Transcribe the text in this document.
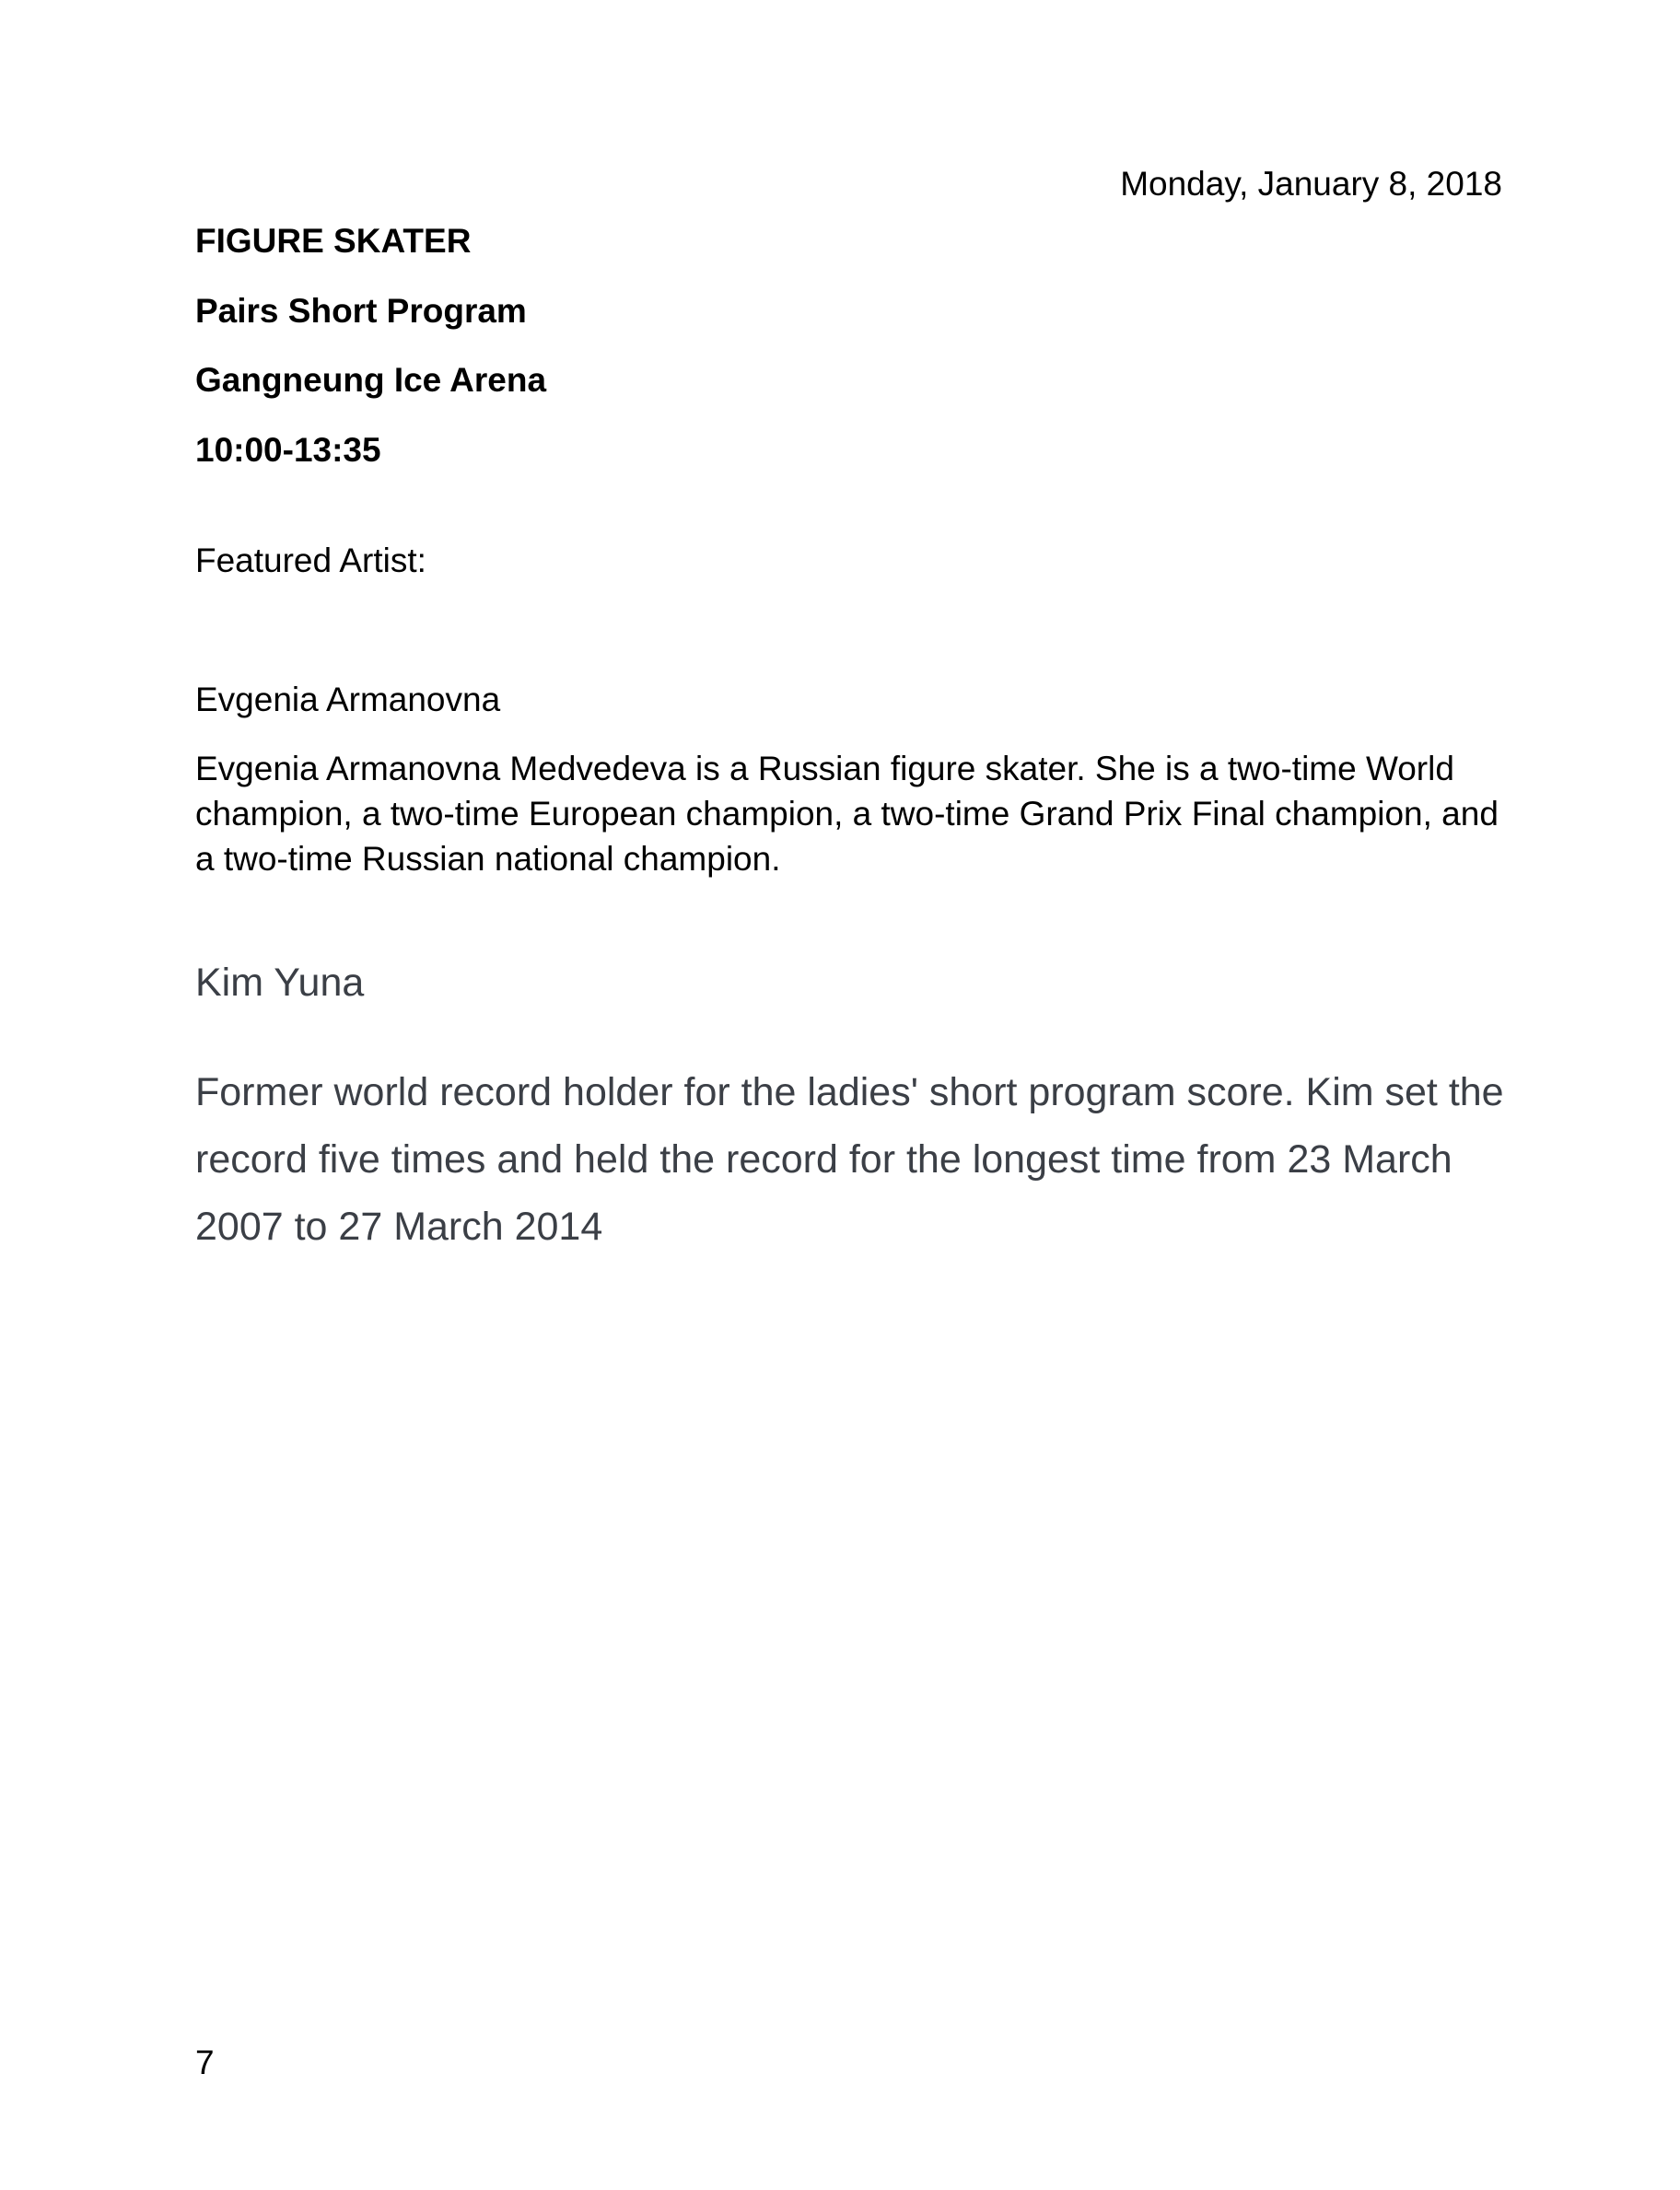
Monday, January 8, 2018
FIGURE SKATER
Pairs Short Program
Gangneung Ice Arena
10:00-13:35
Featured Artist:
Evgenia Armanovna
Evgenia Armanovna Medvedeva is a Russian figure skater. She is a two-time World champion, a two-time European champion, a two-time Grand Prix Final champion, and a two-time Russian national champion.
Kim Yuna
Former world record holder for the ladies' short program score. Kim set the record five times and held the record for the longest time from 23 March 2007 to 27 March 2014
7
